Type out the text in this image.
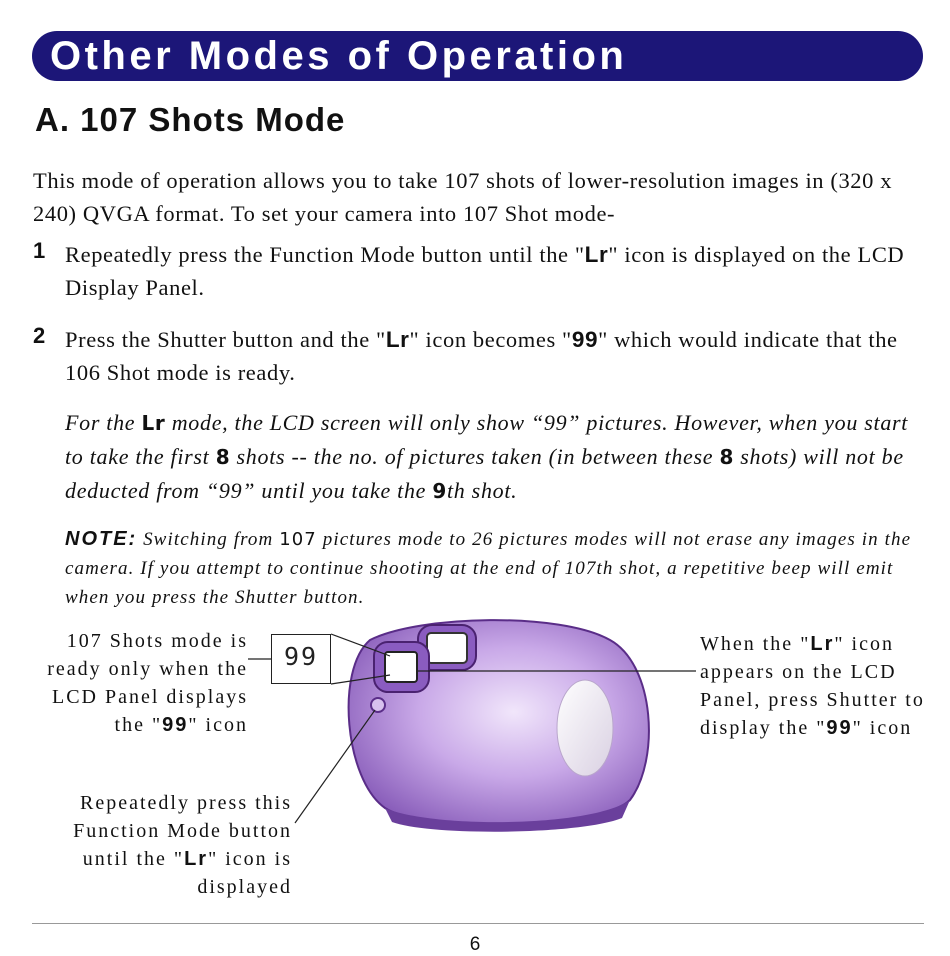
Other Modes of Operation
A. 107 Shots Mode

This mode of operation allows you to take 107 shots of lower-resolution images in (320 x 240) QVGA format. To set your camera into 107 Shot mode-

1 Repeatedly press the Function Mode button until the "Lr" icon is displayed on the LCD Display Panel.

2 Press the Shutter button and the "Lr" icon becomes "99" which would indicate that the 106 Shot mode is ready.

For the Lr mode, the LCD screen will only show “99” pictures. However, when you start to take the first 8 shots -- the no. of pictures taken (in between these 8 shots) will not be deducted from “99” until you take the 9th shot.

NOTE: Switching from 107 pictures mode to 26 pictures modes will not erase any images in the camera. If you attempt to continue shooting at the end of 107th shot, a repetitive beep will emit when you press the Shutter button.

99

107 Shots mode is ready only when the LCD Panel displays the "99" icon

When the "Lr" icon appears on the LCD Panel, press Shutter to display the "99" icon

Repeatedly press this Function Mode button until the "Lr" icon is displayed

6
